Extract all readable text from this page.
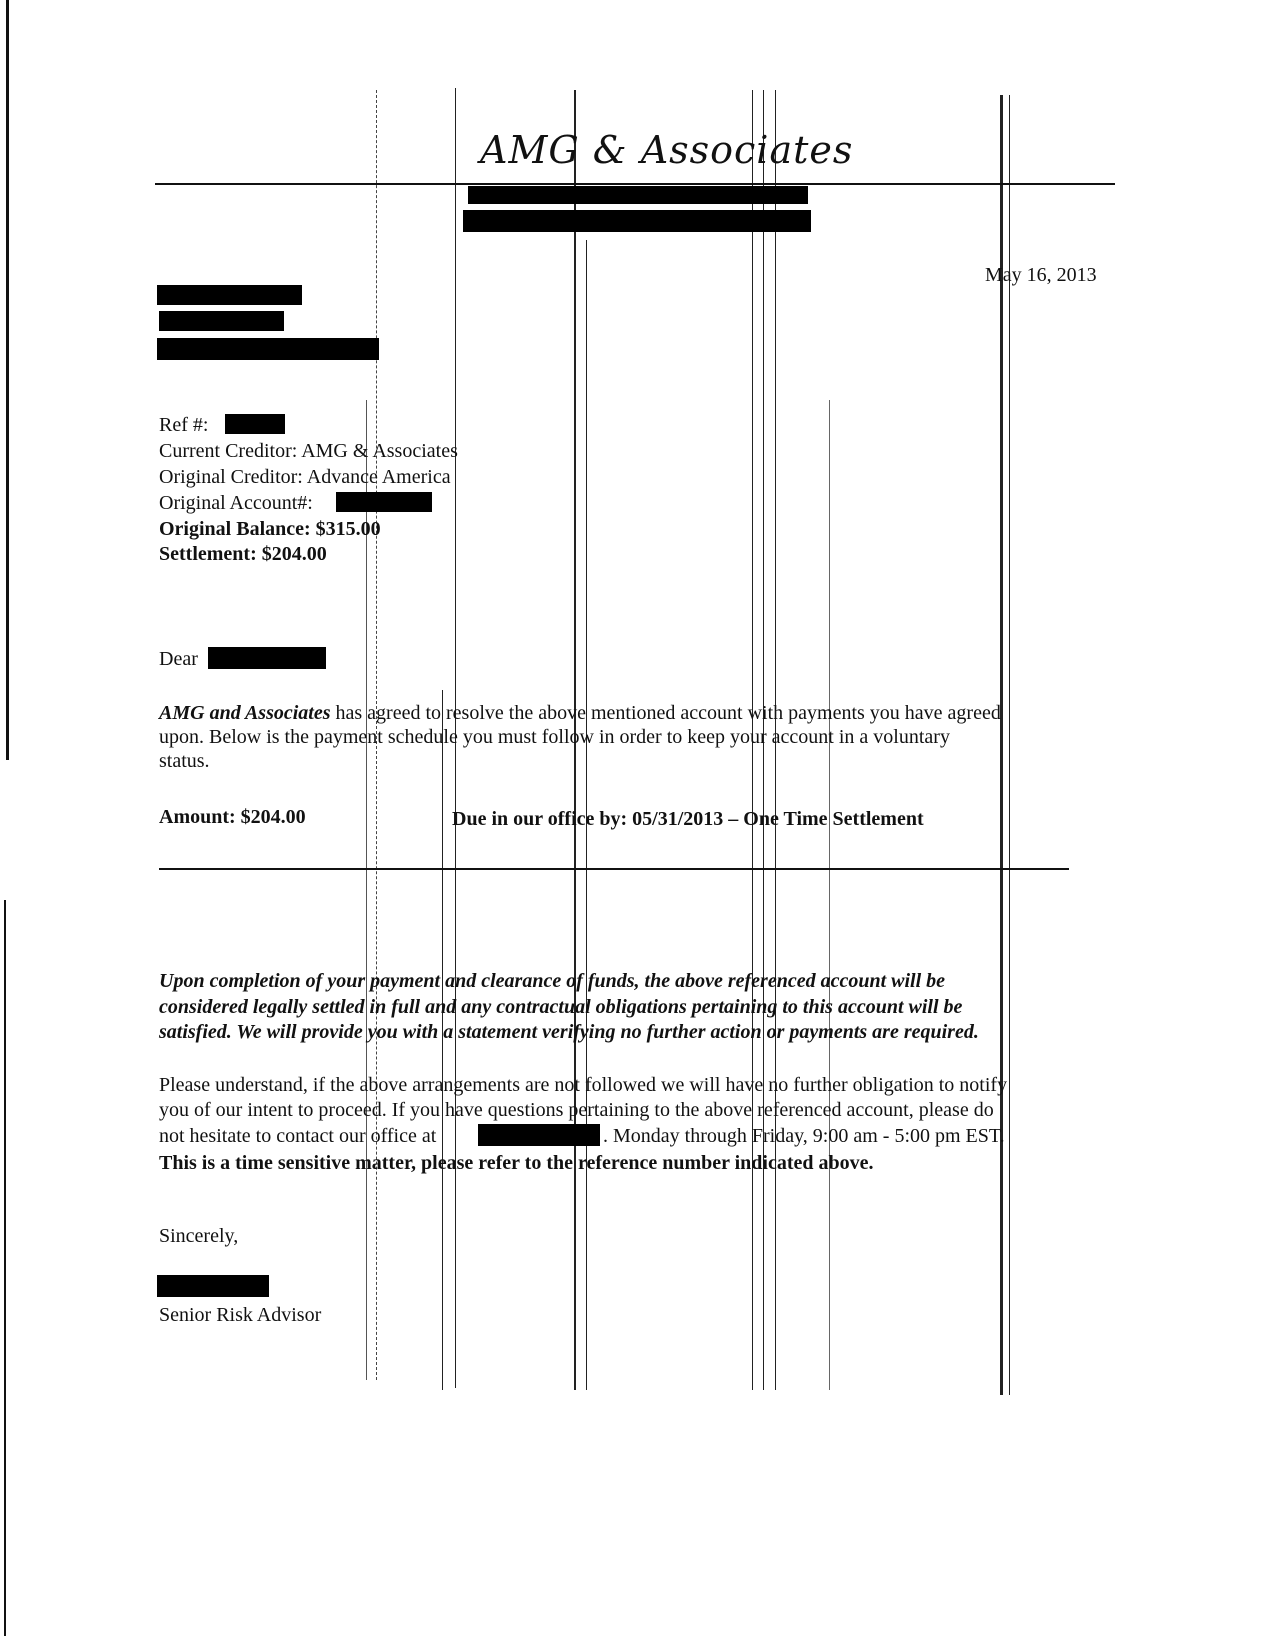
AMG & Associates
May 16, 2013
Ref #:
Current Creditor: AMG & Associates
Original Creditor: Advance America
Original Account#:
Original Balance: $315.00
Settlement: $204.00
Dear
AMG and Associates has agreed to resolve the above mentioned account with payments you have agreed
upon. Below is the payment schedule you must follow in order to keep your account in a voluntary
status.
Amount: $204.00	Due in our office by: 05/31/2013 – One Time Settlement
Upon completion of your payment and clearance of funds, the above referenced account will be
considered legally settled in full and any contractual obligations pertaining to this account will be
satisfied. We will provide you with a statement verifying no further action or payments are required.
Please understand, if the above arrangements are not followed we will have no further obligation to notify
you of our intent to proceed. If you have questions pertaining to the above referenced account, please do
not hesitate to contact our office at	. Monday through Friday, 9:00 am - 5:00 pm EST.
This is a time sensitive matter, please refer to the reference number indicated above.
Sincerely,
Senior Risk Advisor
